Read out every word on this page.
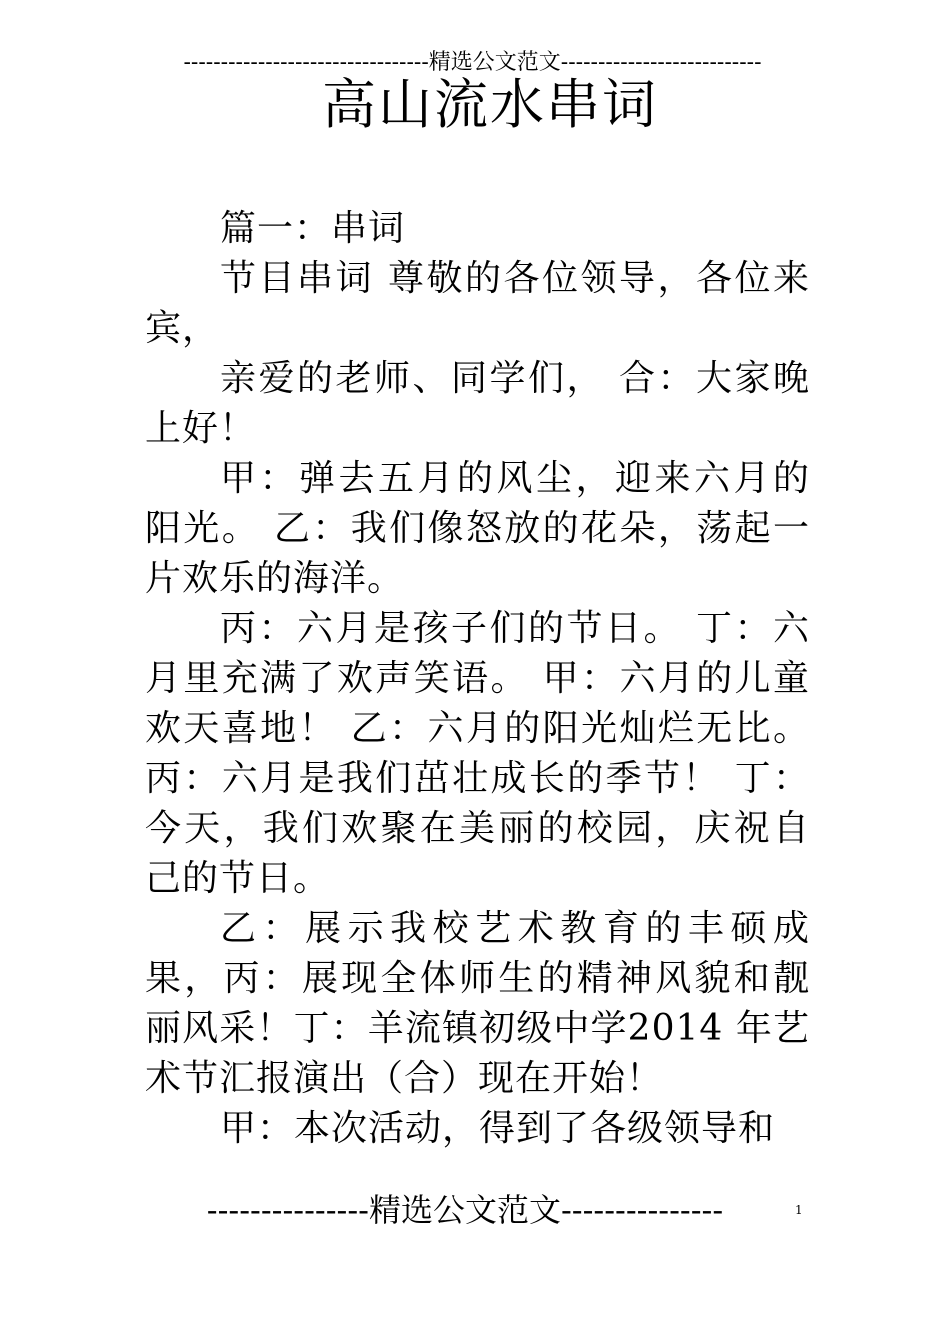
---------------------------------精选公文范文---------------------------
高山流水串词

篇一：串词

节目串词 尊敬的各位领导，各位来宾，

亲爱的老师、同学们， 合：大家晚上好！

甲：弹去五月的风尘，迎来六月的阳光。 乙：我们像怒放的花朵，荡起一片欢乐的海洋。

丙：六月是孩子们的节日。 丁：六月里充满了欢声笑语。 甲：六月的儿童欢天喜地！ 乙：六月的阳光灿烂无比。丙：六月是我们茁壮成长的季节！ 丁：今天，我们欢聚在美丽的校园，庆祝自己的节日。

乙：展示我校艺术教育的丰硕成果，丙：展现全体师生的精神风貌和靓丽风采！丁：羊流镇初级中学2014 年艺术节汇报演出（合）现在开始！

甲：本次活动，得到了各级领导和

---------------精选公文范文---------------	1
